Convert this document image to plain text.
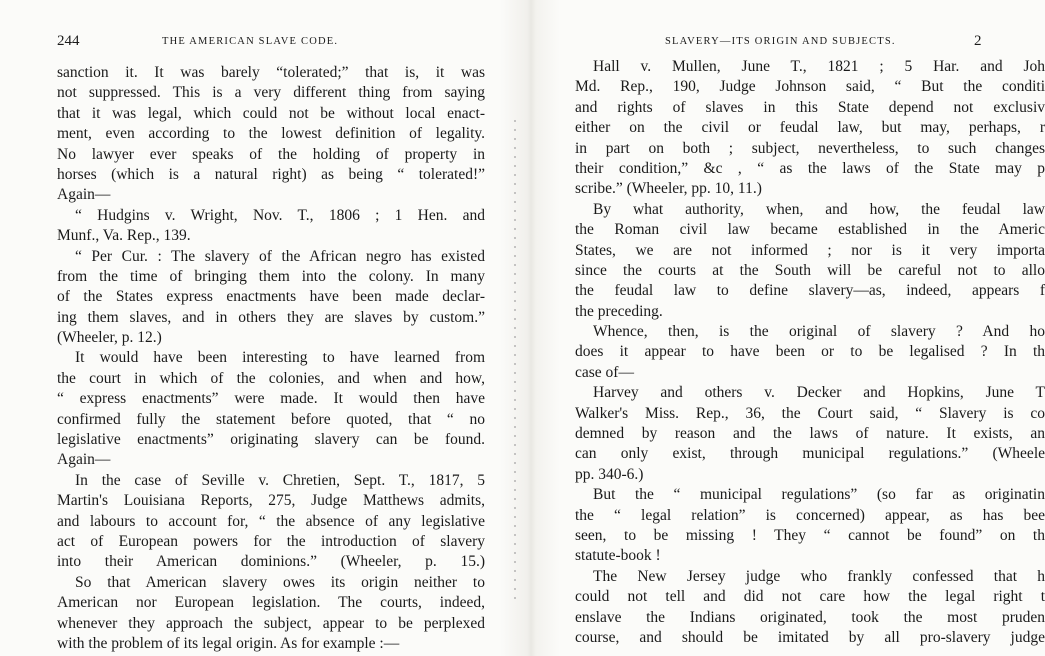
244	THE AMERICAN SLAVE CODE.
sanction it. It was barely “tolerated;” that is, it was
not suppressed. This is a very different thing from saying
that it was legal, which could not be without local enact-
ment, even according to the lowest definition of legality.
No lawyer ever speaks of the holding of property in
horses (which is a natural right) as being “ tolerated!”
Again—
“ Hudgins v. Wright, Nov. T., 1806 ; 1 Hen. and
Munf., Va. Rep., 139.
“ Per Cur. : The slavery of the African negro has existed
from the time of bringing them into the colony. In many
of the States express enactments have been made declar-
ing them slaves, and in others they are slaves by custom.”
(Wheeler, p. 12.)
It would have been interesting to have learned from
the court in which of the colonies, and when and how,
“ express enactments” were made. It would then have
confirmed fully the statement before quoted, that “ no
legislative enactments” originating slavery can be found.
Again—
In the case of Seville v. Chretien, Sept. T., 1817, 5
Martin's Louisiana Reports, 275, Judge Matthews admits,
and labours to account for, “ the absence of any legislative
act of European powers for the introduction of slavery
into their American dominions.” (Wheeler, p. 15.)
So that American slavery owes its origin neither to
American nor European legislation. The courts, indeed,
whenever they approach the subject, appear to be perplexed
with the problem of its legal origin. As for example :—
SLAVERY—ITS ORIGIN AND SUBJECTS.	2
Hall v. Mullen, June T., 1821 ; 5 Har. and Joh
Md. Rep., 190, Judge Johnson said, “ But the conditi
and rights of slaves in this State depend not exclusiv
either on the civil or feudal law, but may, perhaps, r
in part on both ; subject, nevertheless, to such changes
their condition,” &c , “ as the laws of the State may p
scribe.” (Wheeler, pp. 10, 11.)
By what authority, when, and how, the feudal law
the Roman civil law became established in the Americ
States, we are not informed ; nor is it very importa
since the courts at the South will be careful not to allo
the feudal law to define slavery—as, indeed, appears f
the preceding.
Whence, then, is the original of slavery ? And ho
does it appear to have been or to be legalised ? In th
case of—
Harvey and others v. Decker and Hopkins, June T
Walker's Miss. Rep., 36, the Court said, “ Slavery is co
demned by reason and the laws of nature. It exists, an
can only exist, through municipal regulations.” (Wheele
pp. 340-6.)
But the “ municipal regulations” (so far as originatin
the “ legal relation” is concerned) appear, as has bee
seen, to be missing ! They “ cannot be found” on th
statute-book !
The New Jersey judge who frankly confessed that h
could not tell and did not care how the legal right t
enslave the Indians originated, took the most pruden
course, and should be imitated by all pro-slavery judge
